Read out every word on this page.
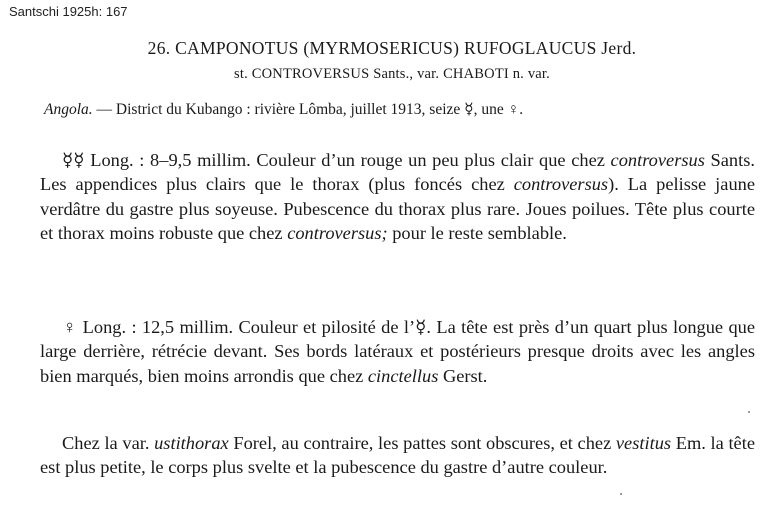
Santschi 1925h: 167
26. CAMPONOTUS (MYRMOSERICUS) RUFOGLAUCUS Jerd.
st. CONTROVERSUS Sants., var. CHABOTI n. var.
Angola. — District du Kubango : rivière Lômba, juillet 1913, seize ☿, une ♀.

☿☿ Long. : 8–9,5 millim. Couleur d’un rouge un peu plus clair que chez controversus Sants. Les appendices plus clairs que le thorax (plus foncés chez controversus). La pelisse jaune verdâtre du gastre plus soyeuse. Pubescence du thorax plus rare. Joues poilues. Tête plus courte et thorax moins robuste que chez controversus; pour le reste semblable.

♀ Long. : 12,5 millim. Couleur et pilosité de l’☿. La tête est près d’un quart plus longue que large derrière, rétrécie devant. Ses bords latéraux et postérieurs presque droits avec les angles bien marqués, bien moins arrondis que chez cinctellus Gerst.

Chez la var. ustithorax Forel, au contraire, les pattes sont obscures, et chez vestitus Em. la tête est plus petite, le corps plus svelte et la pubescence du gastre d’autre couleur.
